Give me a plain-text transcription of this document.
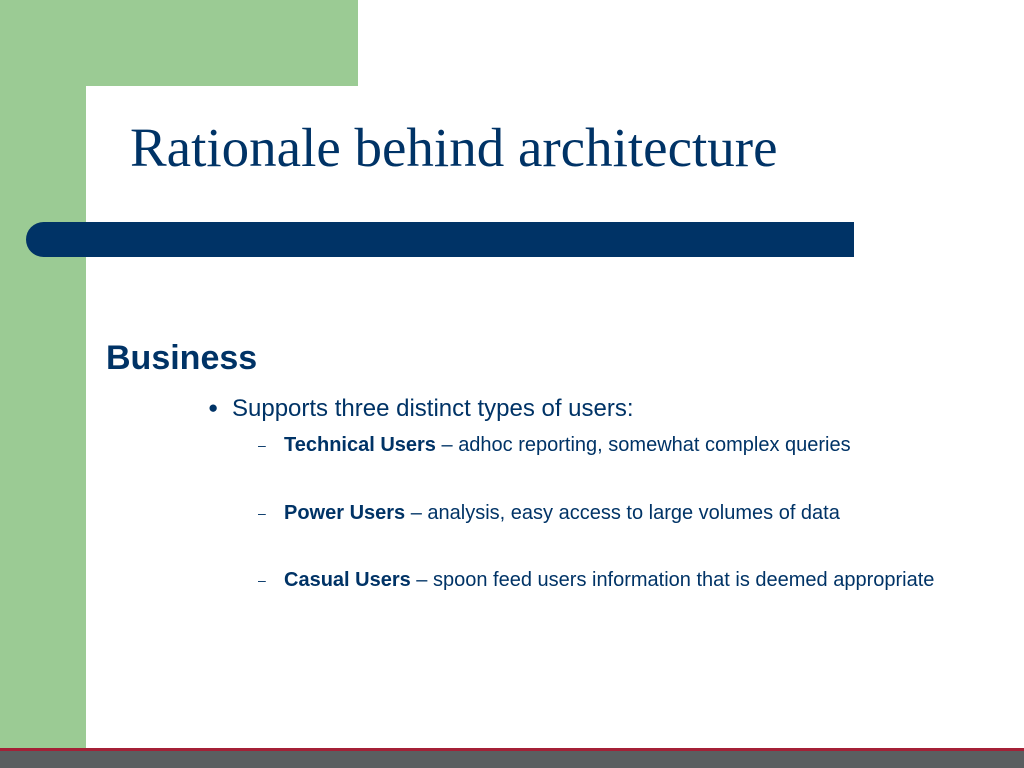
Rationale behind architecture
Business
● Supports three distinct types of users:
– Technical Users – adhoc reporting, somewhat complex queries
– Power Users – analysis, easy access to large volumes of data
– Casual Users – spoon feed users information that is deemed appropriate
